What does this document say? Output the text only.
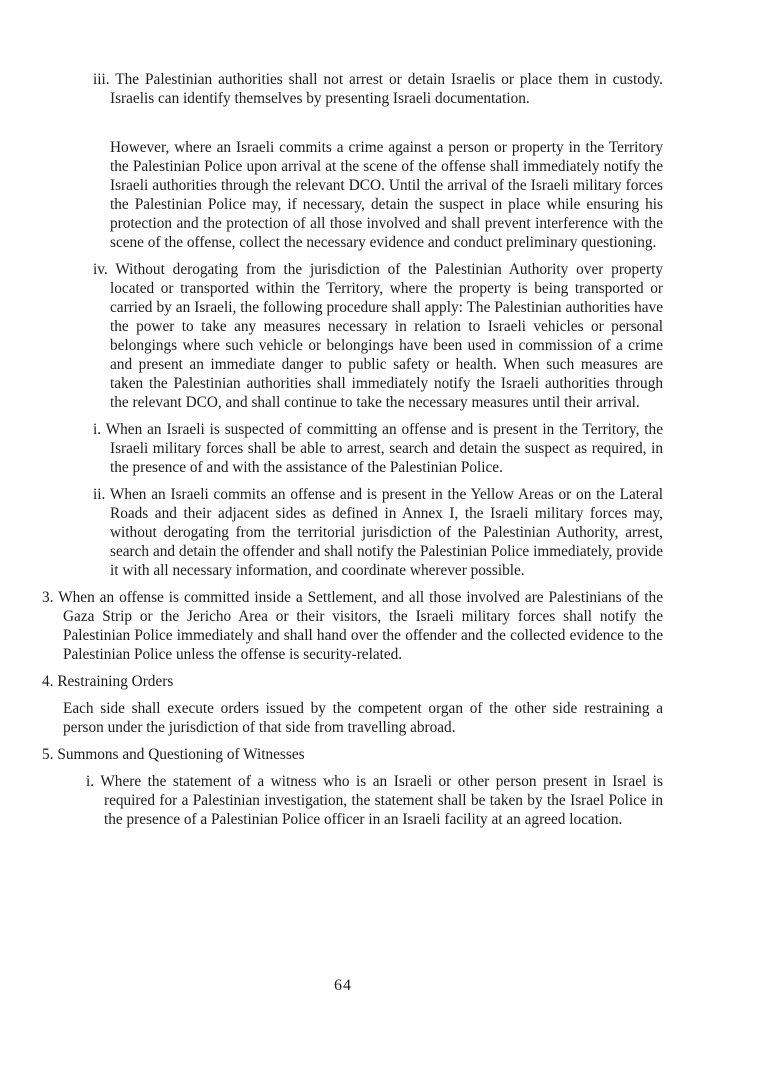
iii. The Palestinian authorities shall not arrest or detain Israelis or place them in custody. Israelis can identify themselves by presenting Israeli documentation.

However, where an Israeli commits a crime against a person or property in the Territory the Palestinian Police upon arrival at the scene of the offense shall immediately notify the Israeli authorities through the relevant DCO. Until the arrival of the Israeli military forces the Palestinian Police may, if necessary, detain the suspect in place while ensuring his protection and the protection of all those involved and shall prevent interference with the scene of the offense, collect the necessary evidence and conduct preliminary questioning.

iv. Without derogating from the jurisdiction of the Palestinian Authority over property located or transported within the Territory, where the property is being transported or carried by an Israeli, the following procedure shall apply: The Palestinian authorities have the power to take any measures necessary in relation to Israeli vehicles or personal belongings where such vehicle or belongings have been used in commission of a crime and present an immediate danger to public safety or health. When such measures are taken the Palestinian authorities shall immediately notify the Israeli authorities through the relevant DCO, and shall continue to take the necessary measures until their arrival.

i. When an Israeli is suspected of committing an offense and is present in the Territory, the Israeli military forces shall be able to arrest, search and detain the suspect as required, in the presence of and with the assistance of the Palestinian Police.

ii. When an Israeli commits an offense and is present in the Yellow Areas or on the Lateral Roads and their adjacent sides as defined in Annex I, the Israeli military forces may, without derogating from the territorial jurisdiction of the Palestinian Authority, arrest, search and detain the offender and shall notify the Palestinian Police immediately, provide it with all necessary information, and coordinate wherever possible.

3. When an offense is committed inside a Settlement, and all those involved are Palestinians of the Gaza Strip or the Jericho Area or their visitors, the Israeli military forces shall notify the Palestinian Police immediately and shall hand over the offender and the collected evidence to the Palestinian Police unless the offense is security-related.

4. Restraining Orders

Each side shall execute orders issued by the competent organ of the other side restraining a person under the jurisdiction of that side from travelling abroad.

5. Summons and Questioning of Witnesses

i. Where the statement of a witness who is an Israeli or other person present in Israel is required for a Palestinian investigation, the statement shall be taken by the Israel Police in the presence of a Palestinian Police officer in an Israeli facility at an agreed location.

64
